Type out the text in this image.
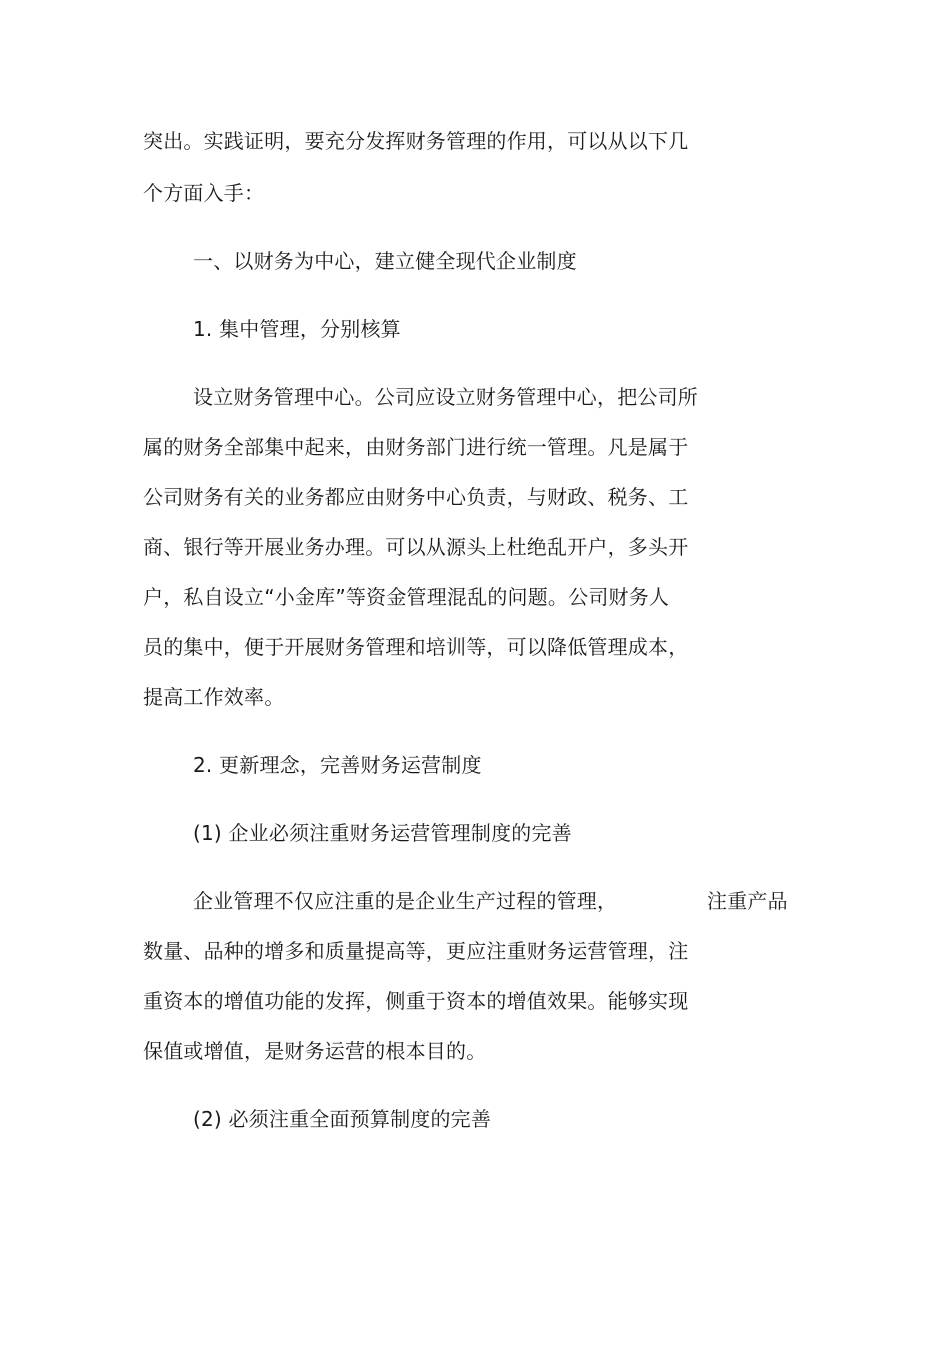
突出。实践证明，要充分发挥财务管理的作用，可以从以下几
个方面入手：
一、以财务为中心，建立健全现代企业制度
1. 集中管理，分别核算
设立财务管理中心。公司应设立财务管理中心，把公司所
属的财务全部集中起来，由财务部门进行统一管理。凡是属于
公司财务有关的业务都应由财务中心负责，与财政、税务、工
商、银行等开展业务办理。可以从源头上杜绝乱开户，多头开
户，私自设立“小金库”等资金管理混乱的问题。公司财务人
员的集中，便于开展财务管理和培训等，可以降低管理成本，
提高工作效率。
2. 更新理念，完善财务运营制度
(1) 企业必须注重财务运营管理制度的完善
企业管理不仅应注重的是企业生产过程的管理，	注重产品
数量、品种的增多和质量提高等，更应注重财务运营管理，注
重资本的增值功能的发挥，侧重于资本的增值效果。能够实现
保值或增值，是财务运营的根本目的。
(2) 必须注重全面预算制度的完善
